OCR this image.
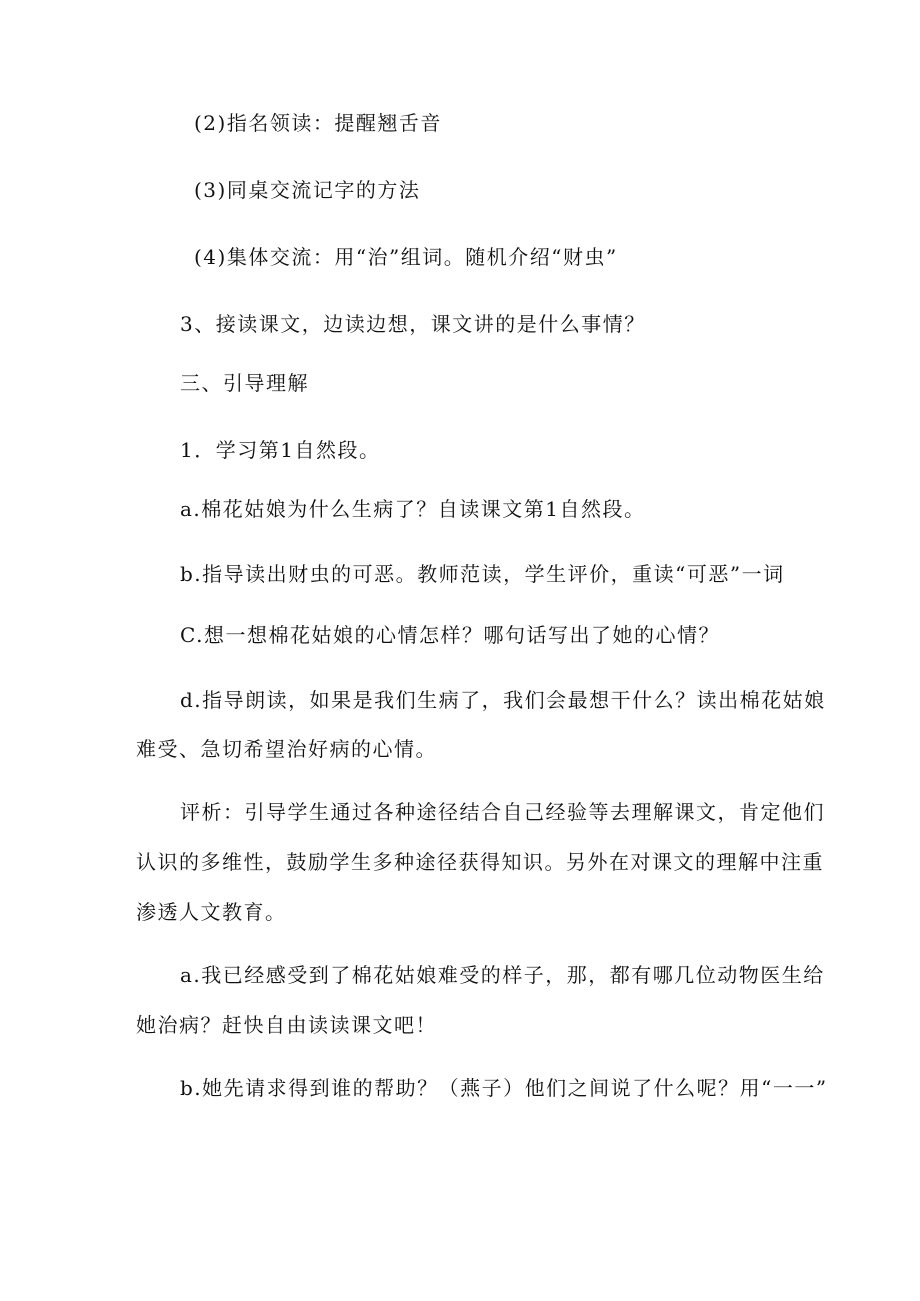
(2)指名领读：提醒翘舌音
(3)同桌交流记字的方法
(4)集体交流：用“治”组词。随机介绍“财虫”
3、接读课文，边读边想，课文讲的是什么事情？
三、引导理解
1．学习第1自然段。
a.棉花姑娘为什么生病了？自读课文第1自然段。
b.指导读出财虫的可恶。教师范读，学生评价，重读“可恶”一词
C.想一想棉花姑娘的心情怎样？哪句话写出了她的心情？
d.指导朗读，如果是我们生病了，我们会最想干什么？读出棉花姑娘
难受、急切希望治好病的心情。
评析：引导学生通过各种途径结合自己经验等去理解课文，肯定他们
认识的多维性，鼓励学生多种途径获得知识。另外在对课文的理解中注重
渗透人文教育。
a.我已经感受到了棉花姑娘难受的样子，那，都有哪几位动物医生给
她治病？赶快自由读读课文吧！
b.她先请求得到谁的帮助？（燕子）他们之间说了什么呢？用“一一”
